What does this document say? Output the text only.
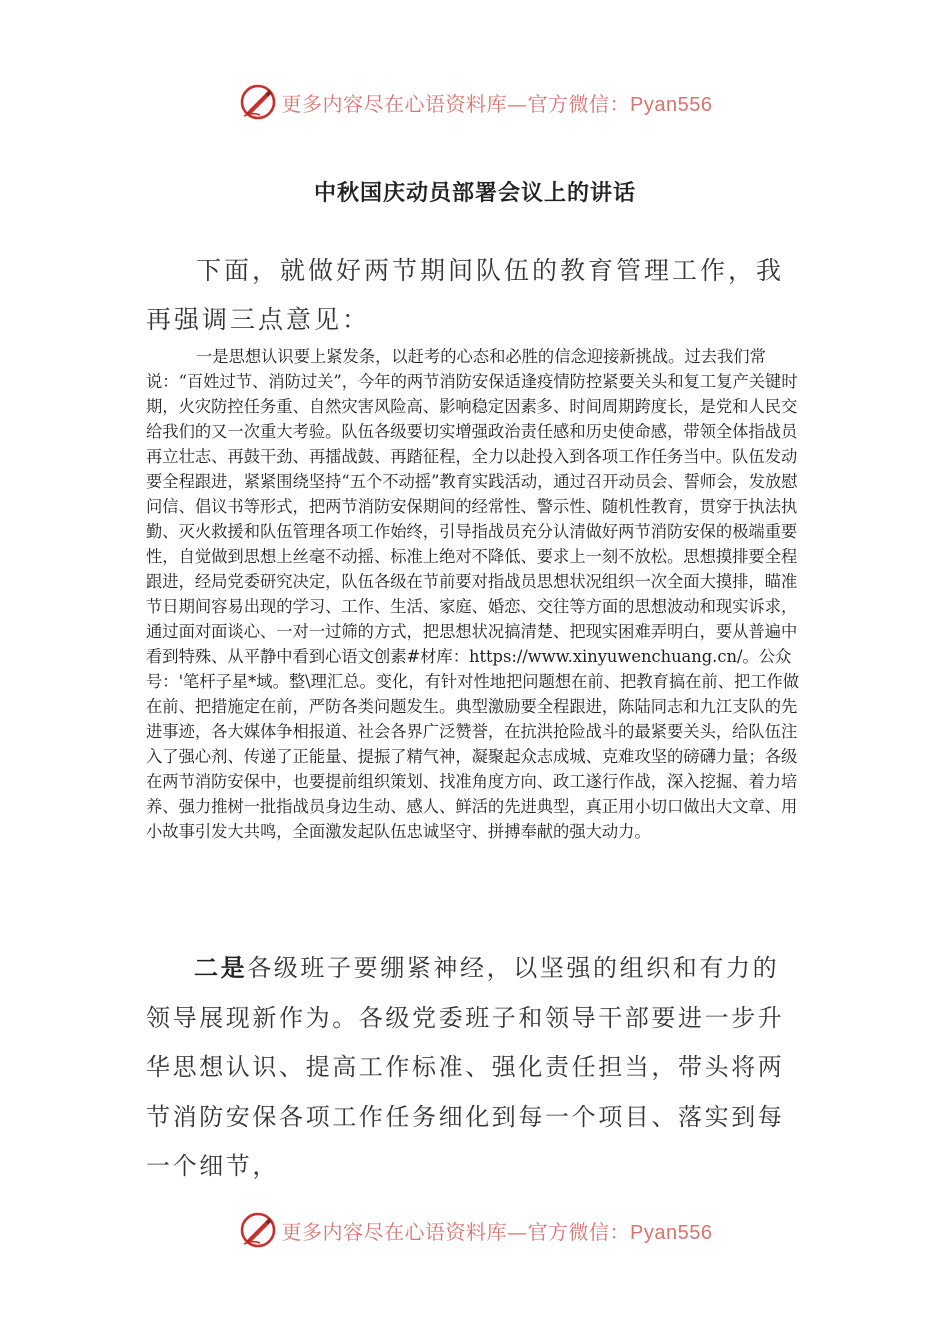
更多内容尽在心语资料库—官方微信：Pyan556
中秋国庆动员部署会议上的讲话

下面，就做好两节期间队伍的教育管理工作，我再强调三点意见：

一是思想认识要上紧发条，以赶考的心态和必胜的信念迎接新挑战。过去我们常说：“百姓过节、消防过关”，今年的两节消防安保适逢疫情防控紧要关头和复工复产关键时期，火灾防控任务重、自然灾害风险高、影响稳定因素多、时间周期跨度长，是党和人民交给我们的又一次重大考验。队伍各级要切实增强政治责任感和历史使命感，带领全体指战员再立壮志、再鼓干劲、再擂战鼓、再踏征程，全力以赴投入到各项工作任务当中。队伍发动要全程跟进，紧紧围绕坚持“五个不动摇”教育实践活动，通过召开动员会、誓师会，发放慰问信、倡议书等形式，把两节消防安保期间的经常性、警示性、随机性教育，贯穿于执法执勤、灭火救援和队伍管理各项工作始终，引导指战员充分认清做好两节消防安保的极端重要性，自觉做到思想上丝毫不动摇、标准上绝对不降低、要求上一刻不放松。思想摸排要全程跟进，经局党委研究决定，队伍各级在节前要对指战员思想状况组织一次全面大摸排，瞄准节日期间容易出现的学习、工作、生活、家庭、婚恋、交往等方面的思想波动和现实诉求，通过面对面谈心、一对一过筛的方式，把思想状况搞清楚、把现实困难弄明白，要从普遍中看到特殊、从平静中看到心语文创素#材库：https://www.xinyuwenchuang.cn/。公众号：'笔杆子星*域。整\理汇总。变化，有针对性地把问题想在前、把教育搞在前、把工作做在前、把措施定在前，严防各类问题发生。典型激励要全程跟进，陈陆同志和九江支队的先进事迹，各大媒体争相报道、社会各界广泛赞誉，在抗洪抢险战斗的最紧要关头，给队伍注入了强心剂、传递了正能量、提振了精气神，凝聚起众志成城、克难攻坚的磅礴力量；各级在两节消防安保中，也要提前组织策划、找准角度方向、政工遂行作战，深入挖掘、着力培养、强力推树一批指战员身边生动、感人、鲜活的先进典型，真正用小切口做出大文章、用小故事引发大共鸣，全面激发起队伍忠诚坚守、拼搏奉献的强大动力。

二是各级班子要绷紧神经，以坚强的组织和有力的领导展现新作为。各级党委班子和领导干部要进一步升华思想认识、提高工作标准、强化责任担当，带头将两节消防安保各项工作任务细化到每一个项目、落实到每一个细节，

更多内容尽在心语资料库—官方微信：Pyan556
